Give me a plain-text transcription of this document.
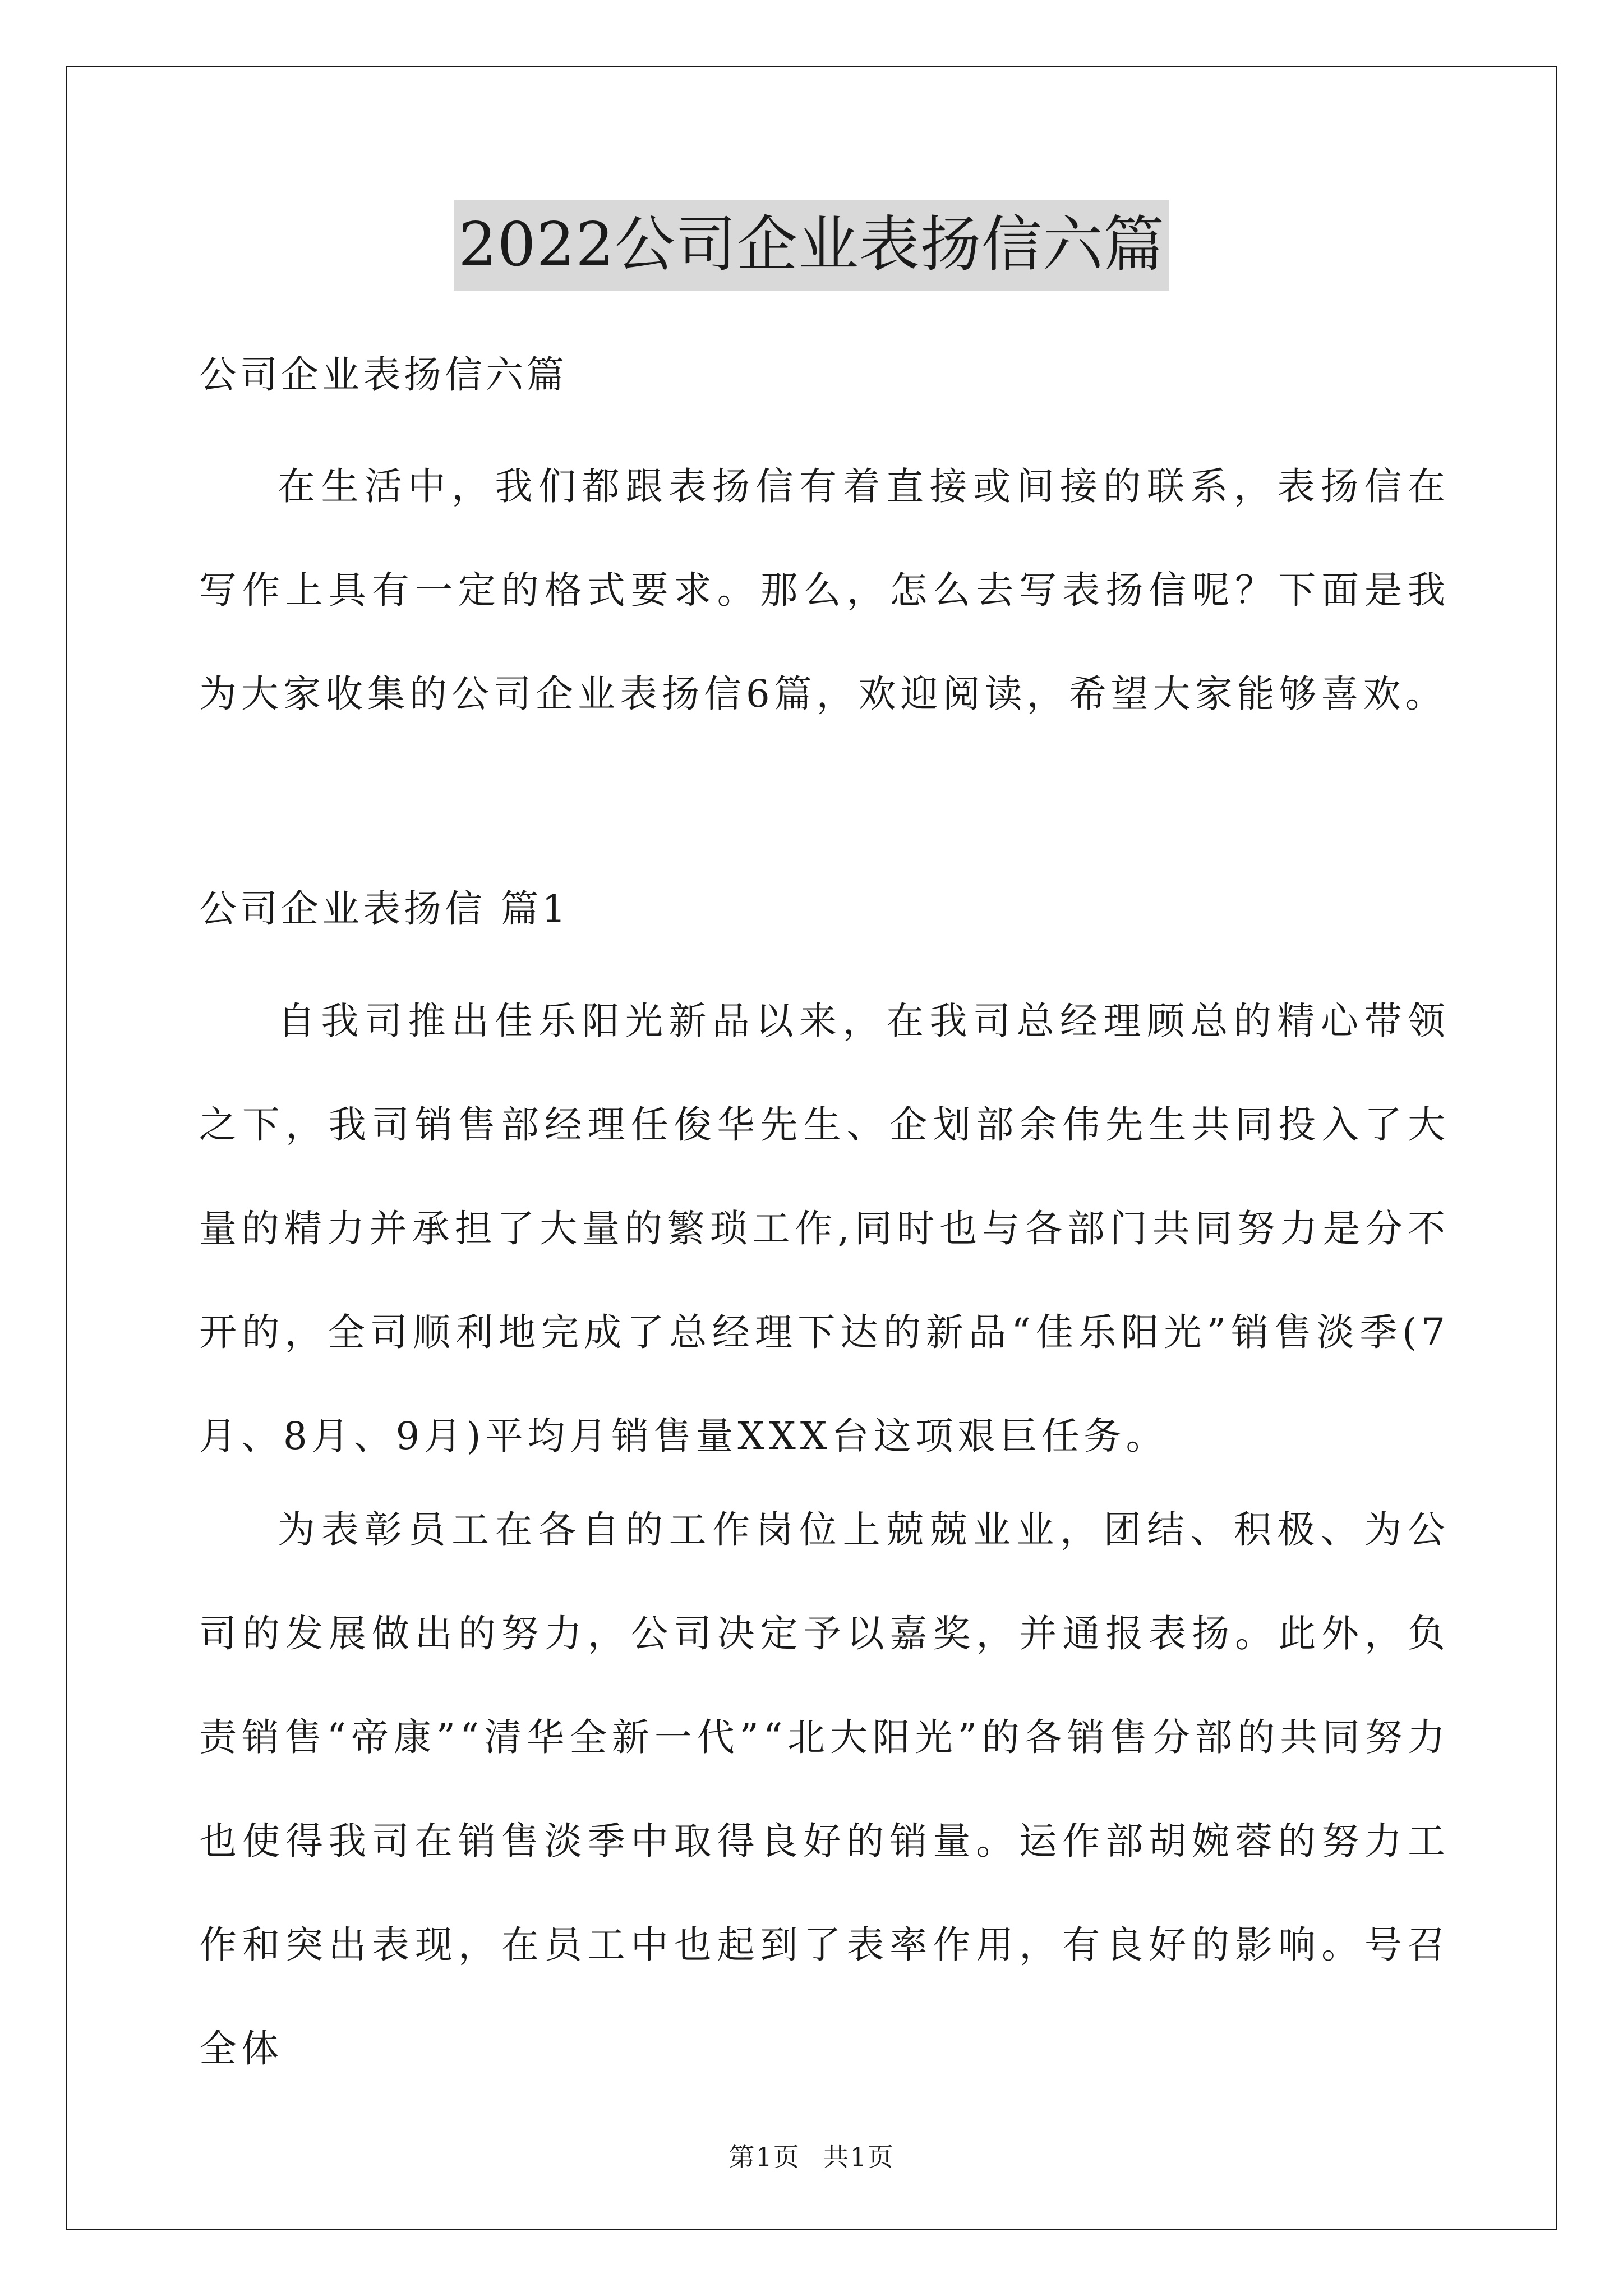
2022公司企业表扬信六篇
公司企业表扬信六篇
在生活中，我们都跟表扬信有着直接或间接的联系，表扬信在写作上具有一定的格式要求。那么，怎么去写表扬信呢？下面是我为大家收集的公司企业表扬信6篇，欢迎阅读，希望大家能够喜欢。
公司企业表扬信 篇1
自我司推出佳乐阳光新品以来，在我司总经理顾总的精心带领之下，我司销售部经理任俊华先生、企划部余伟先生共同投入了大量的精力并承担了大量的繁琐工作,同时也与各部门共同努力是分不开的，全司顺利地完成了总经理下达的新品“佳乐阳光”销售淡季(7月、8月、9月)平均月销售量XXX台这项艰巨任务。
为表彰员工在各自的工作岗位上兢兢业业，团结、积极、为公司的发展做出的努力，公司决定予以嘉奖，并通报表扬。此外，负责销售“帝康”“清华全新一代”“北大阳光”的各销售分部的共同努力也使得我司在销售淡季中取得良好的销量。运作部胡婉蓉的努力工作和突出表现，在员工中也起到了表率作用，有良好的影响。号召全体
第1页 共1页
